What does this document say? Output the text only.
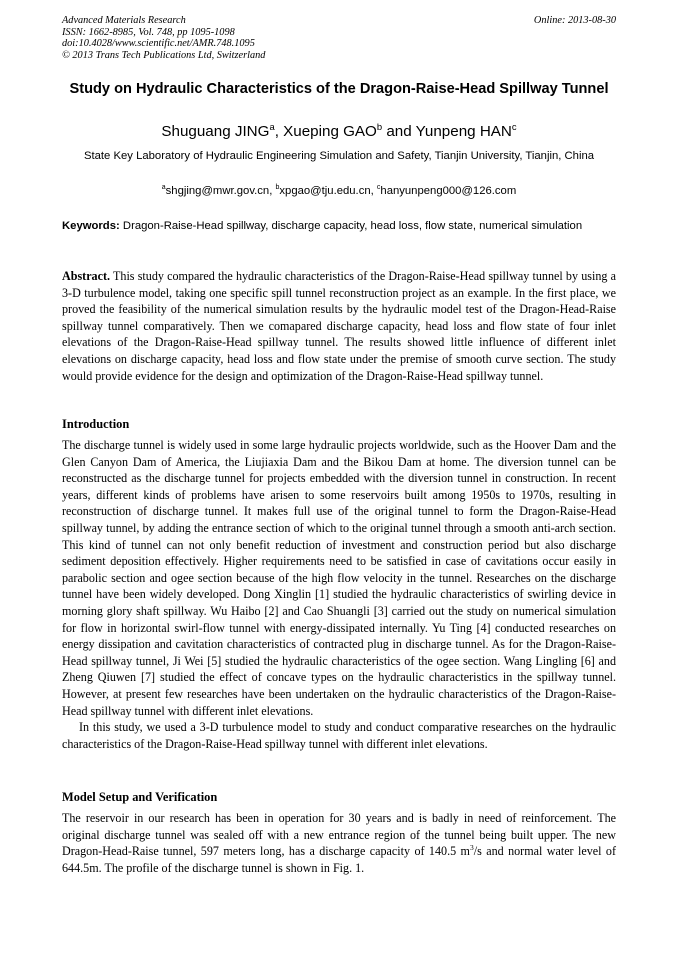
Advanced Materials Research
ISSN: 1662-8985, Vol. 748, pp 1095-1098
doi:10.4028/www.scientific.net/AMR.748.1095
© 2013 Trans Tech Publications Ltd, Switzerland
Online: 2013-08-30
Study on Hydraulic Characteristics of the Dragon-Raise-Head Spillway Tunnel
Shuguang JING$^a$, Xueping GAO$^b$ and Yunpeng HAN$^c$
State Key Laboratory of Hydraulic Engineering Simulation and Safety, Tianjin University, Tianjin, China
$^a$shgjing@mwr.gov.cn, $^b$xpgao@tju.edu.cn, $^c$hanyunpeng000@126.com
Keywords: Dragon-Raise-Head spillway, discharge capacity, head loss, flow state, numerical simulation

Abstract. This study compared the hydraulic characteristics of the Dragon-Raise-Head spillway tunnel by using a 3-D turbulence model, taking one specific spill tunnel reconstruction project as an example. In the first place, we proved the feasibility of the numerical simulation results by the hydraulic model test of the Dragon-Head-Raise spillway tunnel comparatively. Then we comapared discharge capacity, head loss and flow state of four inlet elevations of the Dragon-Raise-Head spillway tunnel. The results showed little influence of different inlet elevations on discharge capacity, head loss and flow state under the premise of smooth curve section. The study would provide evidence for the design and optimization of the Dragon-Raise-Head spillway tunnel.

Introduction

The discharge tunnel is widely used in some large hydraulic projects worldwide, such as the Hoover Dam and the Glen Canyon Dam of America, the Liujiaxia Dam and the Bikou Dam at home. The diversion tunnel can be reconstructed as the discharge tunnel for projects embedded with the diversion tunnel in construction. In recent years, different kinds of problems have arisen to some reservoirs built among 1950s to 1970s, resulting in reconstruction of discharge tunnel. It makes full use of the original tunnel to form the Dragon-Raise-Head spillway tunnel, by adding the entrance section of which to the original tunnel through a smooth anti-arch section. This kind of tunnel can not only benefit reduction of investment and construction period but also discharge sediment deposition effectively. Higher requirements need to be satisfied in case of cavitations occur easily in parabolic section and ogee section because of the high flow velocity in the tunnel. Researches on the discharge tunnel have been widely developed. Dong Xinglin [1] studied the hydraulic characteristics of swirling device in morning glory shaft spillway. Wu Haibo [2] and Cao Shuangli [3] carried out the study on numerical simulation for flow in horizontal swirl-flow tunnel with energy-dissipated internally. Yu Ting [4] conducted researches on energy dissipation and cavitation characteristics of contracted plug in discharge tunnel. As for the Dragon-Raise-Head spillway tunnel, Ji Wei [5] studied the hydraulic characteristics of the ogee section. Wang Lingling [6] and Zheng Qiuwen [7] studied the effect of concave types on the hydraulic characteristics in the spillway tunnel. However, at present few researches have been undertaken on the hydraulic characteristics of the Dragon-Raise-Head spillway tunnel with different inlet elevations.

In this study, we used a 3-D turbulence model to study and conduct comparative researches on the hydraulic characteristics of the Dragon-Raise-Head spillway tunnel with different inlet elevations.

Model Setup and Verification

The reservoir in our research has been in operation for 30 years and is badly in need of reinforcement. The original discharge tunnel was sealed off with a new entrance region of the tunnel being built upper. The new Dragon-Head-Raise tunnel, 597 meters long, has a discharge capacity of 140.5 $m^3/s$ and normal water level of 644.5m. The profile of the discharge tunnel is shown in Fig. 1.
